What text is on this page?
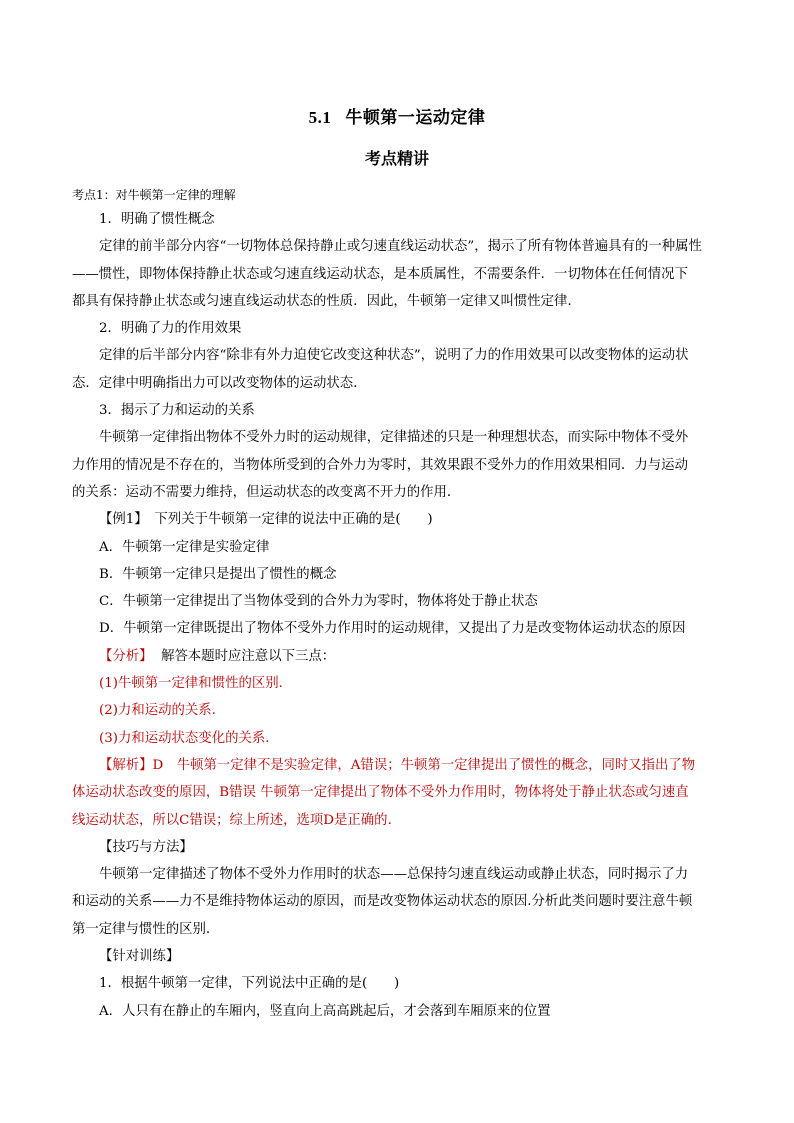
5.1 牛顿第一运动定律
考点精讲

考点1：对牛顿第一定律的理解

1．明确了惯性概念

定律的前半部分内容“一切物体总保持静止或匀速直线运动状态”，揭示了所有物体普遍具有的一种属性

——惯性，即物体保持静止状态或匀速直线运动状态，是本质属性，不需要条件．一切物体在任何情况下

都具有保持静止状态或匀速直线运动状态的性质．因此，牛顿第一定律又叫惯性定律．

2．明确了力的作用效果

定律的后半部分内容“除非有外力迫使它改变这种状态”，说明了力的作用效果可以改变物体的运动状

态．定律中明确指出力可以改变物体的运动状态．

3．揭示了力和运动的关系

牛顿第一定律指出物体不受外力时的运动规律，定律描述的只是一种理想状态，而实际中物体不受外

力作用的情况是不存在的，当物体所受到的合外力为零时，其效果跟不受外力的作用效果相同．力与运动

的关系：运动不需要力维持，但运动状态的改变离不开力的作用．

【例1】　下列关于牛顿第一定律的说法中正确的是(　　)

A．牛顿第一定律是实验定律

B．牛顿第一定律只是提出了惯性的概念

C．牛顿第一定律提出了当物体受到的合外力为零时，物体将处于静止状态

D．牛顿第一定律既提出了物体不受外力作用时的运动规律，又提出了力是改变物体运动状态的原因

【分析】 解答本题时应注意以下三点：

(1)牛顿第一定律和惯性的区别．

(2)力和运动的关系．

(3)力和运动状态变化的关系．

【解析】D　牛顿第一定律不是实验定律，A错误；牛顿第一定律提出了惯性的概念，同时又指出了物

体运动状态改变的原因，B错误 牛顿第一定律提出了物体不受外力作用时，物体将处于静止状态或匀速直

线运动状态，所以C错误；综上所述，选项D是正确的．

【技巧与方法】

牛顿第一定律描述了物体不受外力作用时的状态——总保持匀速直线运动或静止状态，同时揭示了力

和运动的关系——力不是维持物体运动的原因，而是改变物体运动状态的原因.分析此类问题时要注意牛顿

第一定律与惯性的区别.

【针对训练】

1．根据牛顿第一定律，下列说法中正确的是(　　)

A．人只有在静止的车厢内，竖直向上高高跳起后，才会落到车厢原来的位置
